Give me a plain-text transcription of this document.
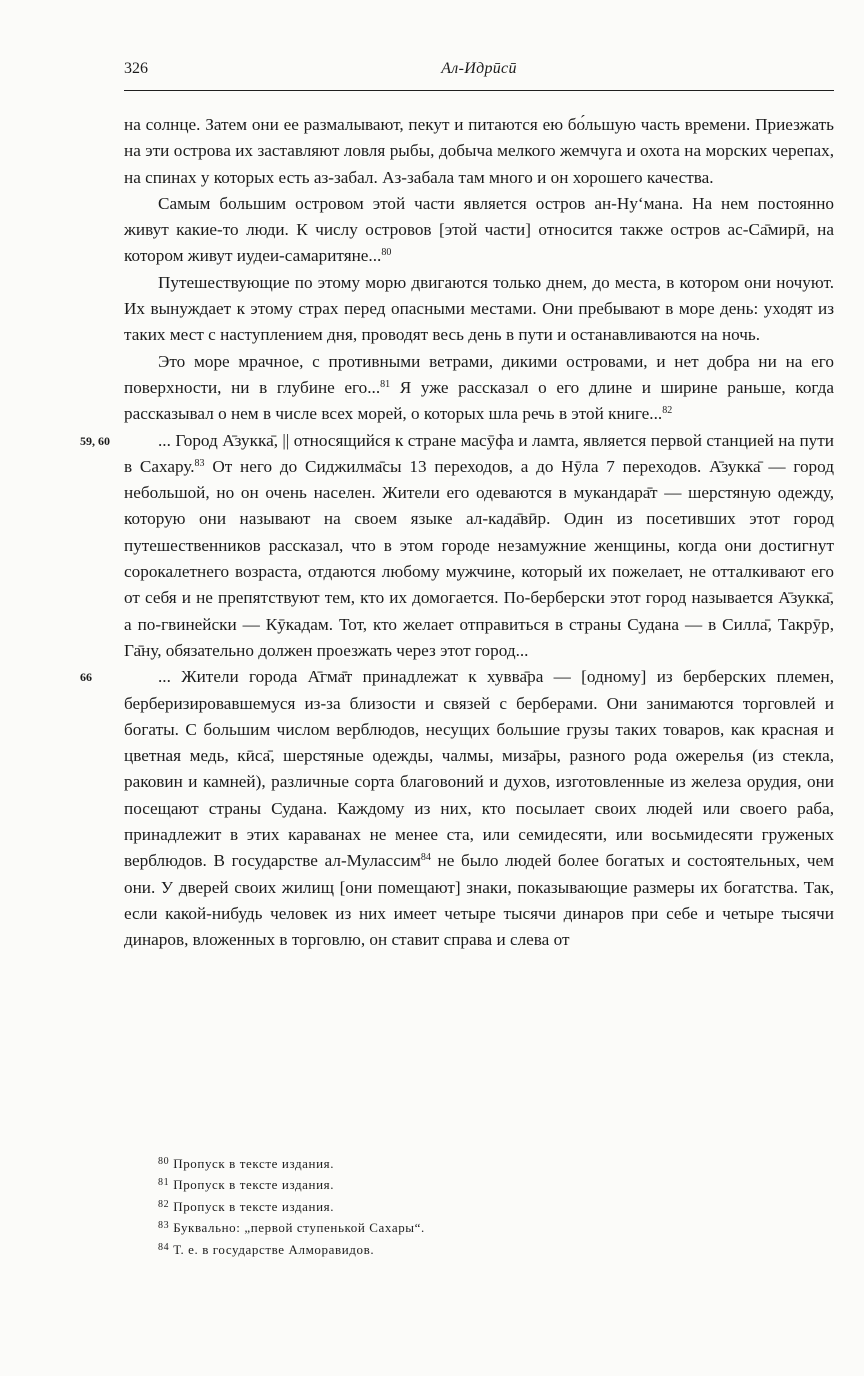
326	Ал-Идрӣсӣ

на солнце. Затем они ее размалывают, пекут и питаются ею бо́льшую часть времени. Приезжать на эти острова их заставляют ловля рыбы, добыча мелкого жемчуга и охота на морских черепах, на спинах у которых есть аз-забал. Аз-забала там много и он хорошего качества.

Самым большим островом этой части является остров ан-Нуʻмана. На нем постоянно живут какие-то люди. К числу островов [этой части] относится также остров ас-Са̄мирӣ, на котором живут иудеи-самаритяне...$^{80}$

Путешествующие по этому морю двигаются только днем, до места, в котором они ночуют. Их вынуждает к этому страх перед опасными местами. Они пребывают в море день: уходят из таких мест с наступлением дня, проводят весь день в пути и останавливаются на ночь.

Это море мрачное, с противными ветрами, дикими островами, и нет добра ни на его поверхности, ни в глубине его...$^{81}$ Я уже рассказал о его длине и ширине раньше, когда рассказывал о нем в числе всех морей, о которых шла речь в этой книге...$^{82}$

59, 60	... Город А̄зукка̄, || относящийся к стране масӯфа и ламта, является первой станцией на пути в Сахару.$^{83}$ От него до Сиджилма̄сы 13 переходов, а до Нӯла 7 переходов. А̄зукка̄ — город небольшой, но он очень населен. Жители его одеваются в мукандара̄т — шерстяную одежду, которую они называют на своем языке ал-када̄вӣр. Один из посетивших этот город путешественников рассказал, что в этом городе незамужние женщины, когда они достигнут сорокалетнего возраста, отдаются любому мужчине, который их пожелает, не отталкивают его от себя и не препятствуют тем, кто их домогается. По-берберски этот город называется А̄зукка̄, а по-гвинейски — Кӯкадам. Тот, кто желает отправиться в страны Судана — в Силла̄, Такрӯр, Га̄ну, обязательно должен проезжать через этот город...

66	... Жители города А̄гма̄т принадлежат к хувва̄ра — [одному] из берберских племен, берберизировавшемуся из-за близости и связей с берберами. Они занимаются торговлей и богаты. С большим числом верблюдов, несущих большие грузы таких товаров, как красная и цветная медь, кӣса̄, шерстяные одежды, чалмы, миза̄ры, разного рода ожерелья (из стекла, раковин и камней), различные сорта благовоний и духов, изготовленные из железа орудия, они посещают страны Судана. Каждому из них, кто посылает своих людей или своего раба, принадлежит в этих караванах не менее ста, или семидесяти, или восьмидесяти груженых верблюдов. В государстве ал-Мулассим$^{84}$ не было людей более богатых и состоятельных, чем они. У дверей своих жилищ [они помещают] знаки, показывающие размеры их богатства. Так, если какой-нибудь человек из них имеет четыре тысячи динаров при себе и четыре тысячи динаров, вложенных в торговлю, он ставит справа и слева от

$^{80}$ Пропуск в тексте издания.

$^{81}$ Пропуск в тексте издания.

$^{82}$ Пропуск в тексте издания.

$^{83}$ Буквально: „первой ступенькой Сахары“.

$^{84}$ Т. е. в государстве Алморавидов.
